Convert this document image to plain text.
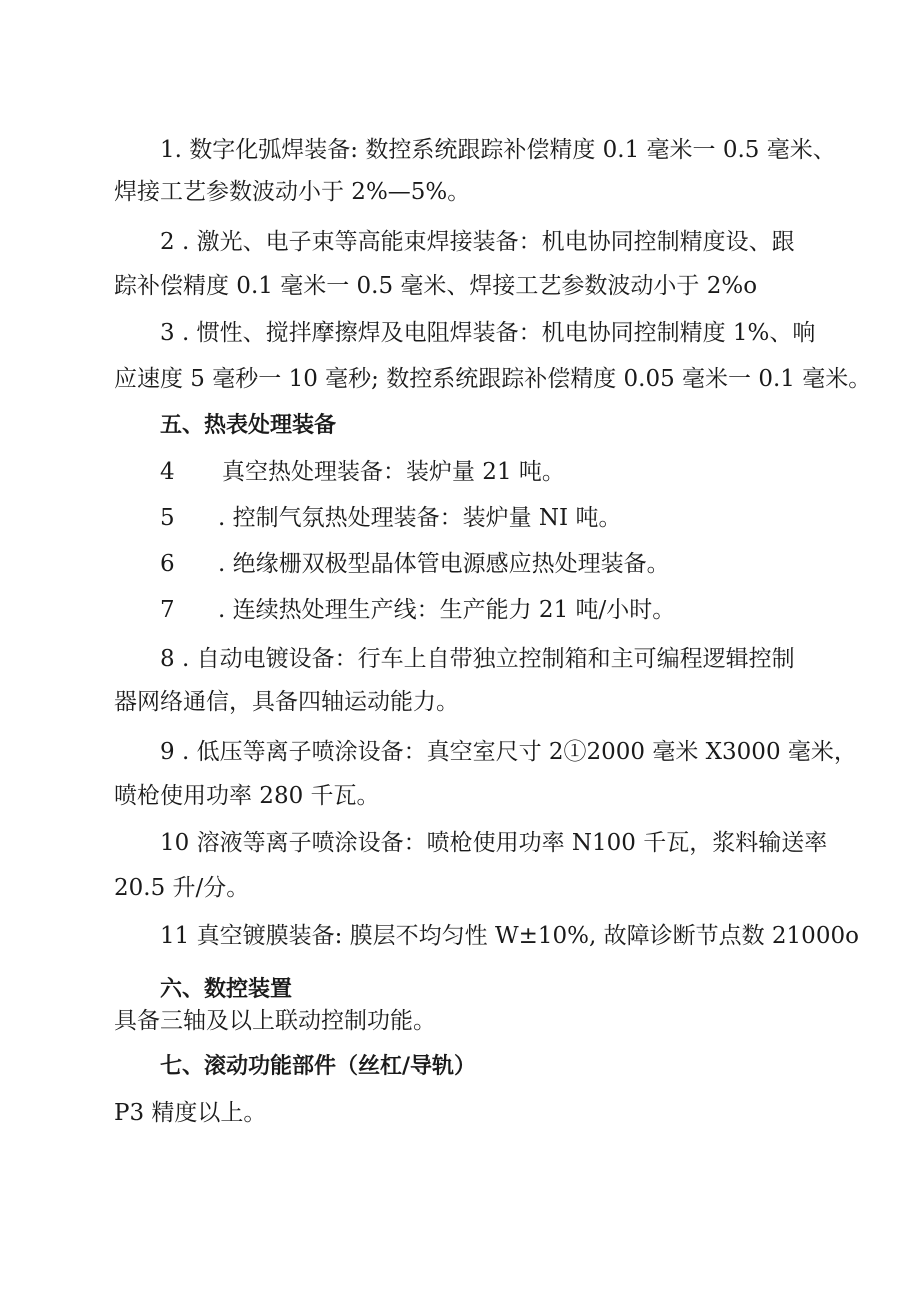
1. 数字化弧焊装备: 数控系统跟踪补偿精度 0.1 毫米一 0.5 毫米、
焊接工艺参数波动小于 2%—5%。
2 . 激光、电子束等高能束焊接装备：机电协同控制精度设、跟
踪补偿精度 0.1 毫米一 0.5 毫米、焊接工艺参数波动小于 2%o
3 . 惯性、搅拌摩擦焊及电阻焊装备：机电协同控制精度 1%、响
应速度 5 毫秒一 10 毫秒; 数控系统跟踪补偿精度 0.05 毫米一 0.1 毫米。
五、热表处理装备
4 真空热处理装备：装炉量 21 吨。
5 . 控制气氛热处理装备：装炉量 NI 吨。
6 . 绝缘栅双极型晶体管电源感应热处理装备。
7 . 连续热处理生产线：生产能力 21 吨/小时。
8 . 自动电镀设备：行车上自带独立控制箱和主可编程逻辑控制
器网络通信，具备四轴运动能力。
9 . 低压等离子喷涂设备：真空室尺寸 2①2000 毫米 X3000 毫米，
喷枪使用功率 280 千瓦。
10 溶液等离子喷涂设备：喷枪使用功率 N100 千瓦，浆料输送率
20.5 升/分。
11 真空镀膜装备: 膜层不均匀性 W±10%, 故障诊断节点数 21000o
六、数控装置
具备三轴及以上联动控制功能。
七、滚动功能部件（丝杠/导轨）
P3 精度以上。
